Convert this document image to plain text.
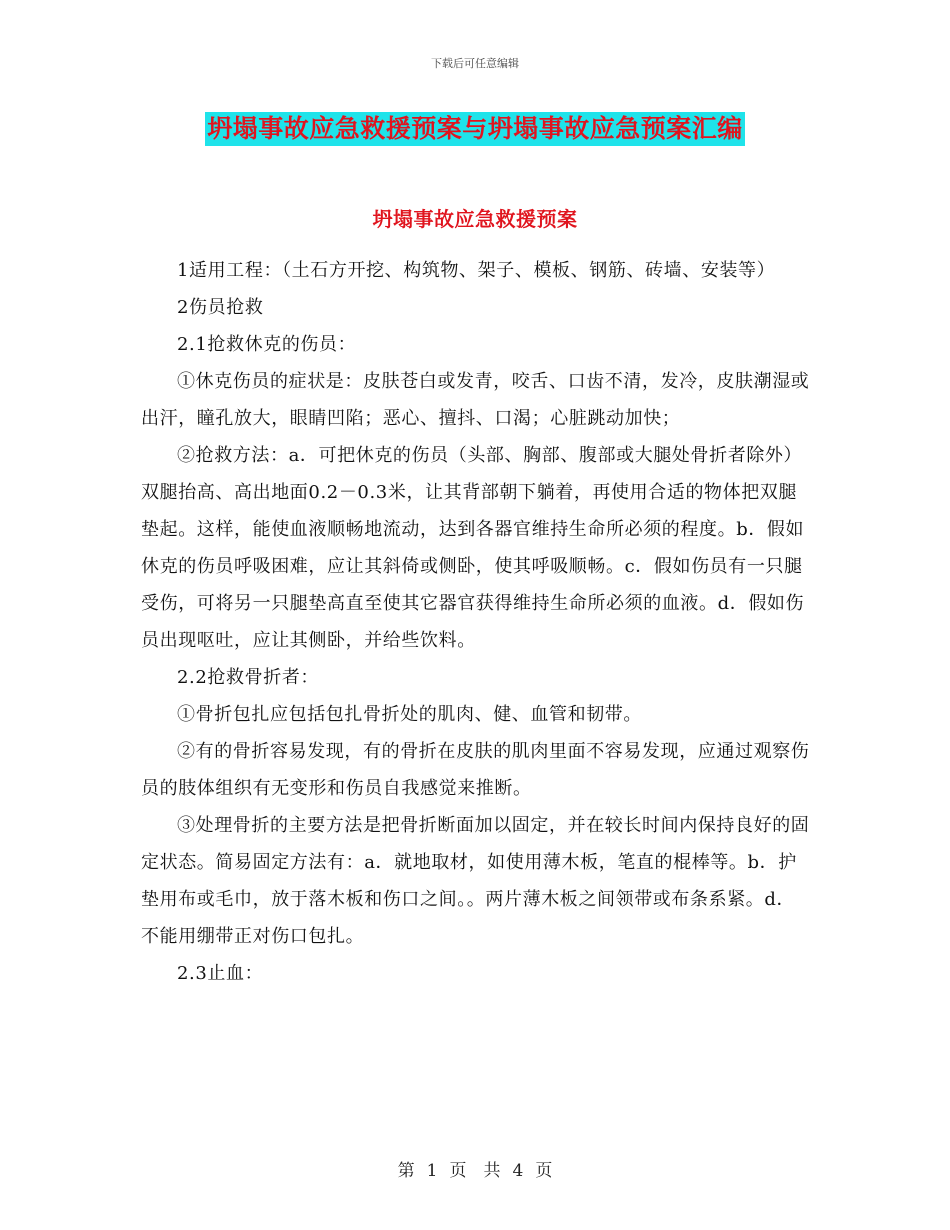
下载后可任意编辑
坍塌事故应急救援预案与坍塌事故应急预案汇编
坍塌事故应急救援预案

1适用工程：（土石方开挖、构筑物、架子、模板、钢筋、砖墙、安装等）

2伤员抢救

2.1抢救休克的伤员：

①休克伤员的症状是：皮肤苍白或发青，咬舌、口齿不清，发冷，皮肤潮湿或出汗，瞳孔放大，眼睛凹陷；恶心、擅抖、口渴；心脏跳动加快；

②抢救方法：a．可把休克的伤员（头部、胸部、腹部或大腿处骨折者除外）双腿抬高、高出地面0.2－0.3米，让其背部朝下躺着，再使用合适的物体把双腿垫起。这样，能使血液顺畅地流动，达到各器官维持生命所必须的程度。b．假如休克的伤员呼吸困难，应让其斜倚或侧卧，使其呼吸顺畅。c．假如伤员有一只腿受伤，可将另一只腿垫高直至使其它器官获得维持生命所必须的血液。d．假如伤员出现呕吐，应让其侧卧，并给些饮料。

2.2抢救骨折者：

①骨折包扎应包括包扎骨折处的肌肉、健、血管和韧带。

②有的骨折容易发现，有的骨折在皮肤的肌肉里面不容易发现，应通过观察伤员的肢体组织有无变形和伤员自我感觉来推断。

③处理骨折的主要方法是把骨折断面加以固定，并在较长时间内保持良好的固定状态。简易固定方法有：a．就地取材，如使用薄木板，笔直的棍棒等。b．护垫用布或毛巾，放于落木板和伤口之间。。两片薄木板之间领带或布条系紧。d．不能用绷带正对伤口包扎。

2.3止血：

第 1 页　共 4 页
